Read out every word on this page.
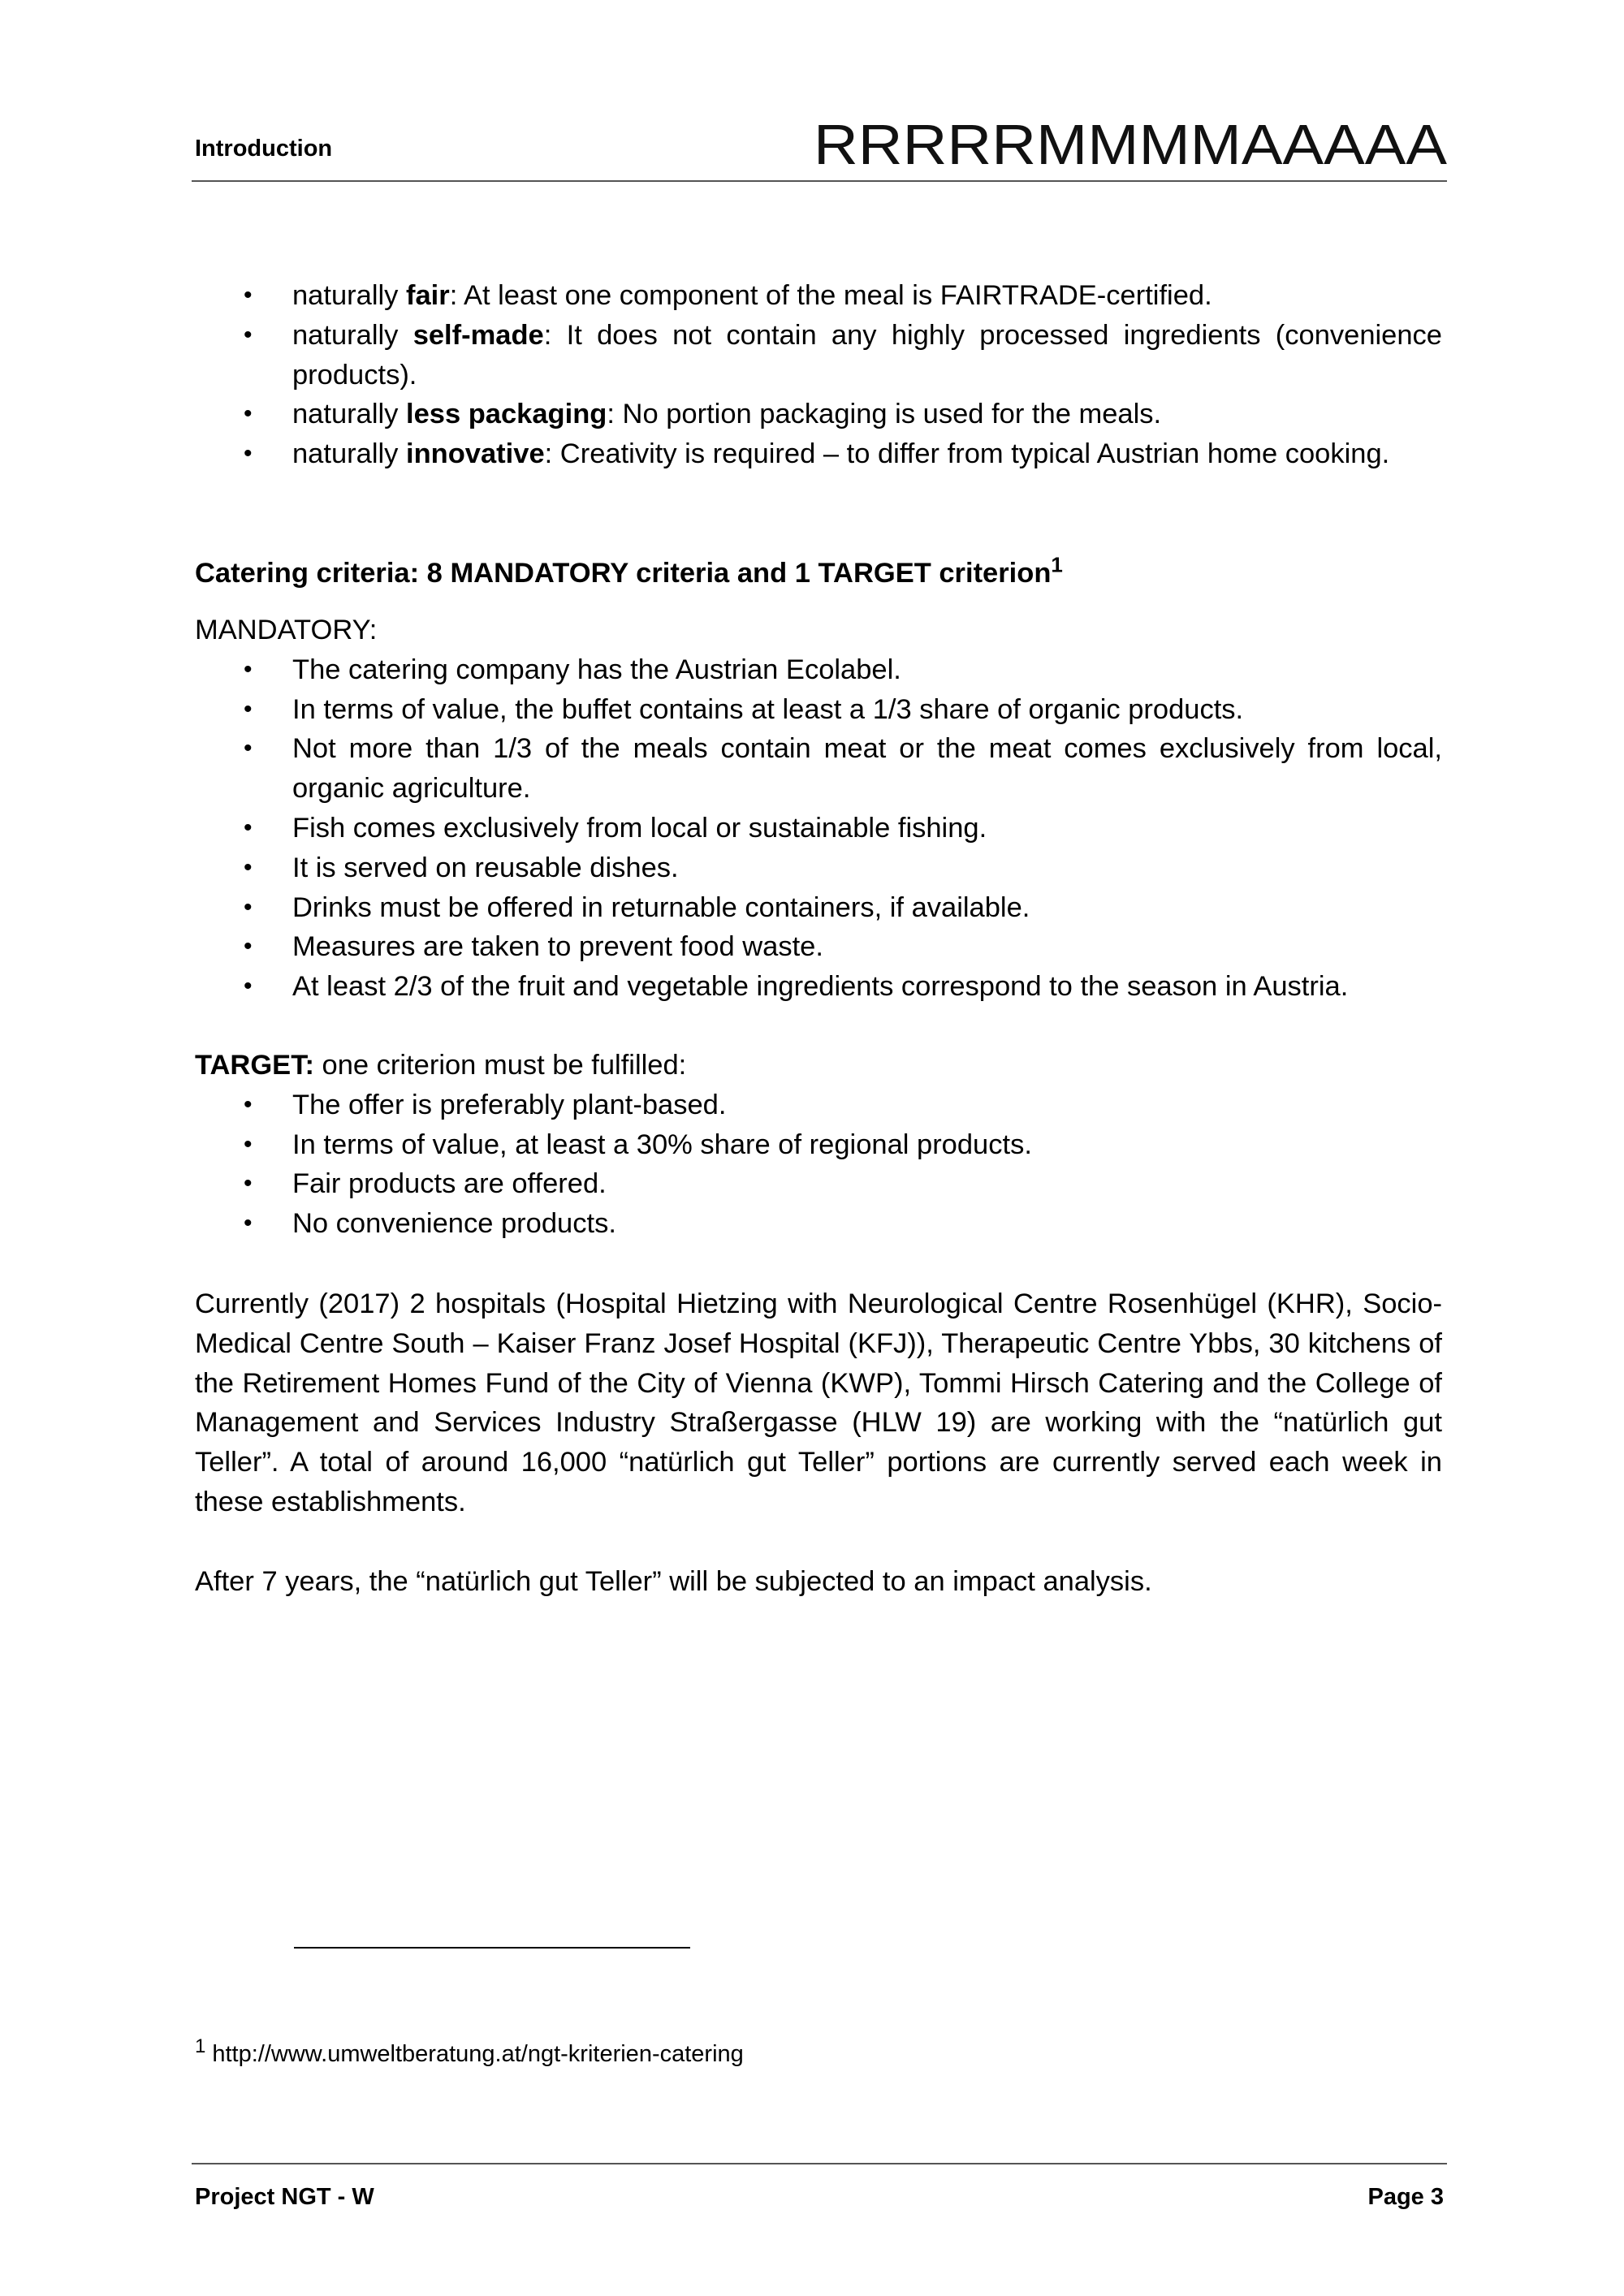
Introduction	RRRRRMMMMAAAAA
• naturally fair: At least one component of the meal is FAIRTRADE-certified.
• naturally self-made: It does not contain any highly processed ingredients (convenience products).
• naturally less packaging: No portion packaging is used for the meals.
• naturally innovative: Creativity is required – to differ from typical Austrian home cooking.
Catering criteria: 8 MANDATORY criteria and 1 TARGET criterion$^1$
MANDATORY:
• The catering company has the Austrian Ecolabel.
• In terms of value, the buffet contains at least a 1/3 share of organic products.
• Not more than 1/3 of the meals contain meat or the meat comes exclusively from local, organic agriculture.
• Fish comes exclusively from local or sustainable fishing.
• It is served on reusable dishes.
• Drinks must be offered in returnable containers, if available.
• Measures are taken to prevent food waste.
• At least 2/3 of the fruit and vegetable ingredients correspond to the season in Austria.
TARGET: one criterion must be fulfilled:
• The offer is preferably plant-based.
• In terms of value, at least a 30% share of regional products.
• Fair products are offered.
• No convenience products.
Currently (2017) 2 hospitals (Hospital Hietzing with Neurological Centre Rosenhügel (KHR), Socio-Medical Centre South – Kaiser Franz Josef Hospital (KFJ)), Therapeutic Centre Ybbs, 30 kitchens of the Retirement Homes Fund of the City of Vienna (KWP), Tommi Hirsch Catering and the College of Management and Services Industry Straßergasse (HLW 19) are working with the “natürlich gut Teller”. A total of around 16,000 “natürlich gut Teller” portions are currently served each week in these establishments.
After 7 years, the “natürlich gut Teller” will be subjected to an impact analysis.
$^1$ http://www.umweltberatung.at/ngt-kriterien-catering
Project NGT - W	Page 3
